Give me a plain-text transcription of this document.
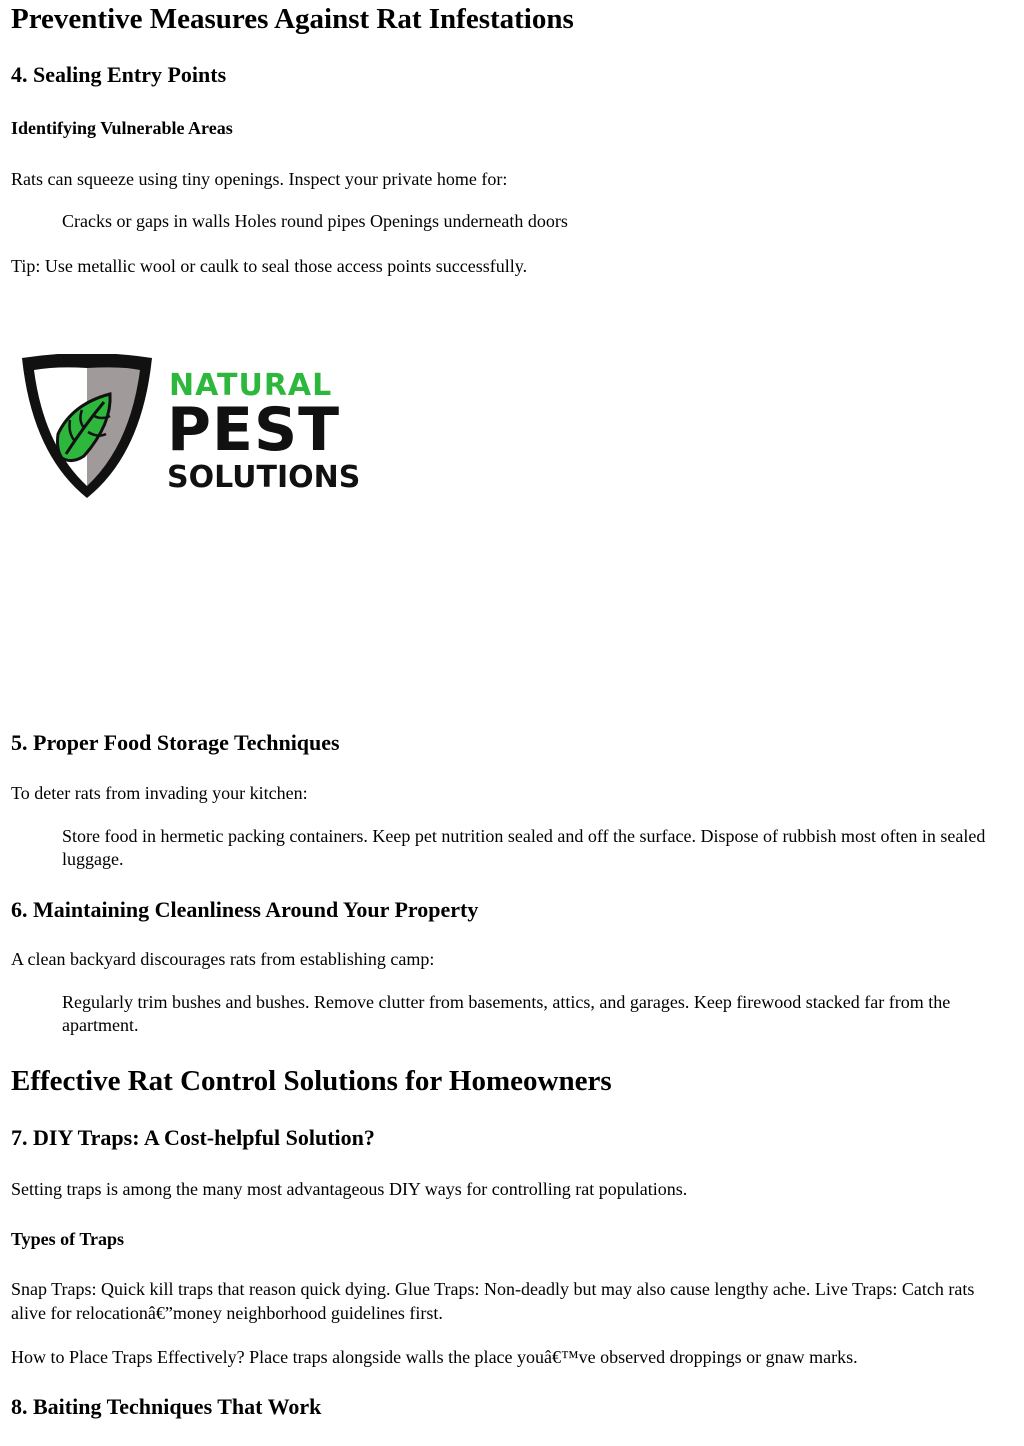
Preventive Measures Against Rat Infestations
4. Sealing Entry Points
Identifying Vulnerable Areas

Rats can squeeze using tiny openings. Inspect your private home for:

Cracks or gaps in walls Holes round pipes Openings underneath doors

Tip: Use metallic wool or caulk to seal those access points successfully.

5. Proper Food Storage Techniques

To deter rats from invading your kitchen:

Store food in hermetic packing containers. Keep pet nutrition sealed and off the surface. Dispose of rubbish most often in sealed luggage.
6. Maintaining Cleanliness Around Your Property

A clean backyard discourages rats from establishing camp:

Regularly trim bushes and bushes. Remove clutter from basements, attics, and garages. Keep firewood stacked far from the apartment.
Effective Rat Control Solutions for Homeowners
7. DIY Traps: A Cost-helpful Solution?

Setting traps is among the many most advantageous DIY ways for controlling rat populations.

Types of Traps

Snap Traps: Quick kill traps that reason quick dying. Glue Traps: Non-deadly but may also cause lengthy ache. Live Traps: Catch rats alive for relocationâ€”money neighborhood guidelines first.

How to Place Traps Effectively? Place traps alongside walls the place youâ€™ve observed droppings or gnaw marks.

8. Baiting Techniques That Work
NATURAL
PEST
SOLUTIONS
